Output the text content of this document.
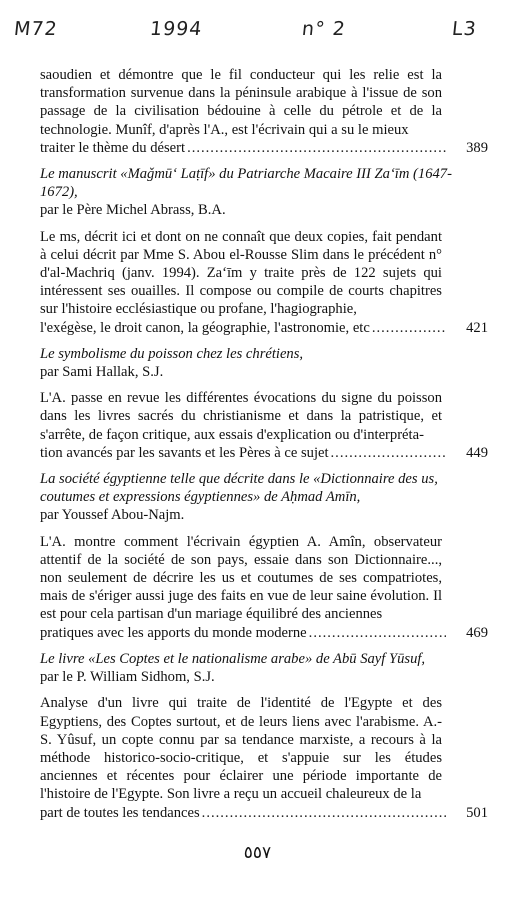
M72	1994	n° 2	L3
saoudien et démontre que le fil conducteur qui les relie est la transformation survenue dans la péninsule arabique à l'issue de son passage de la civilisation bédouine à celle du pétrole et de la technologie. Munîf, d'après l'A., est l'écrivain qui a su le mieux
traiter le thème du désert .....	389
Le manuscrit «Maǧmū‘ Laṭīf» du Patriarche Macaire III Za‘īm (1647-1672),
par le Père Michel Abrass, B.A.
Le ms, décrit ici et dont on ne connaît que deux copies, fait pendant à celui décrit par Mme S. Abou el-Rousse Slim dans le précédent n° d'al-Machriq (janv. 1994). Za‘īm y traite près de 122 sujets qui intéressent ses ouailles. Il compose ou compile de courts chapitres sur l'histoire ecclésiastique ou profane, l'hagiographie,
l'exégèse, le droit canon, la géographie, l'astronomie, etc .....	421
Le symbolisme du poisson chez les chrétiens,
par Sami Hallak, S.J.
L'A. passe en revue les différentes évocations du signe du poisson dans les livres sacrés du christianisme et dans la patristique, et s'arrête, de façon critique, aux essais d'explication ou d'interpréta-
tion avancés par les savants et les Pères à ce sujet .....	449
La société égyptienne telle que décrite dans le «Dictionnaire des us, coutumes et expressions égyptiennes» de Aḥmad Amīn,
par Youssef Abou-Najm.
L'A. montre comment l'écrivain égyptien A. Amîn, observateur attentif de la société de son pays, essaie dans son Dictionnaire..., non seulement de décrire les us et coutumes de ses compatriotes, mais de s'ériger aussi juge des faits en vue de leur saine évolution. Il est pour cela partisan d'un mariage équilibré des anciennes
pratiques avec les apports du monde moderne .....	469
Le livre «Les Coptes et le nationalisme arabe» de Abū Sayf Yūsuf,
par le P. William Sidhom, S.J.
Analyse d'un livre qui traite de l'identité de l'Egypte et des Egyptiens, des Coptes surtout, et de leurs liens avec l'arabisme. A.-S. Yûsuf, un copte connu par sa tendance marxiste, a recours à la méthode historico-socio-critique, et s'appuie sur les études anciennes et récentes pour éclairer une période importante de l'histoire de l'Egypte. Son livre a reçu un accueil chaleureux de la
part de toutes les tendances .....	501
٥٥٧
